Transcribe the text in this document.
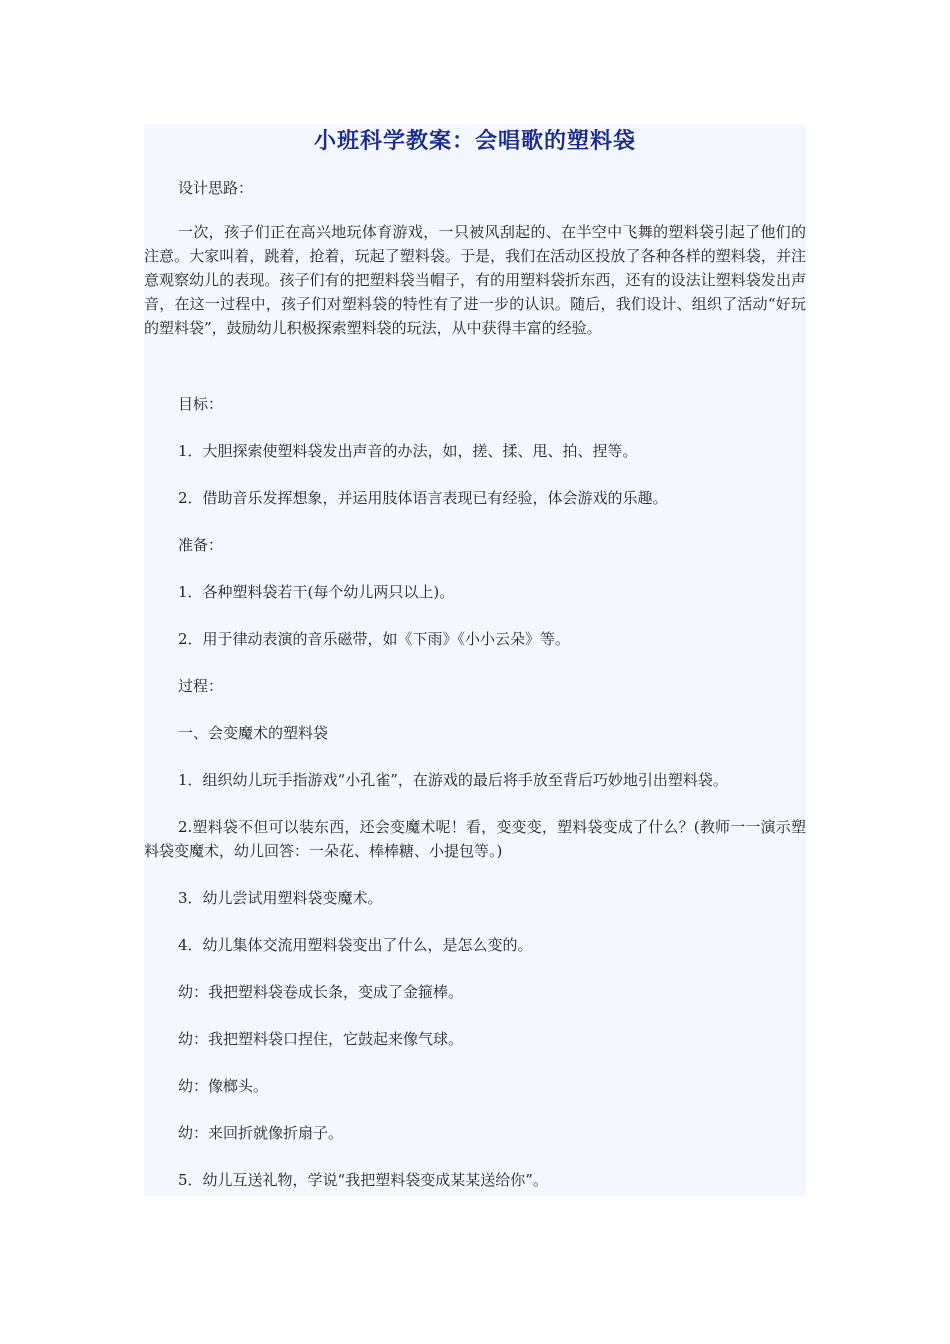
小班科学教案：会唱歌的塑料袋

设计思路：

一次，孩子们正在高兴地玩体育游戏，一只被风刮起的、在半空中飞舞的塑料袋引起了他们的注意。大家叫着，跳着，抢着，玩起了塑料袋。于是，我们在活动区投放了各种各样的塑料袋，并注意观察幼儿的表现。孩子们有的把塑料袋当帽子，有的用塑料袋折东西，还有的设法让塑料袋发出声音，在这一过程中，孩子们对塑料袋的特性有了进一步的认识。随后，我们设计、组织了活动“好玩的塑料袋”，鼓励幼儿积极探索塑料袋的玩法，从中获得丰富的经验。

目标：

1．大胆探索使塑料袋发出声音的办法，如，搓、揉、甩、拍、捏等。

2．借助音乐发挥想象，并运用肢体语言表现已有经验，体会游戏的乐趣。

准备：

1．各种塑料袋若干(每个幼儿两只以上)。

2．用于律动表演的音乐磁带，如《下雨》《小小云朵》等。

过程：

一、会变魔术的塑料袋

1．组织幼儿玩手指游戏“小孔雀”，在游戏的最后将手放至背后巧妙地引出塑料袋。

2.塑料袋不但可以装东西，还会变魔术呢！看，变变变，塑料袋变成了什么？(教师一一演示塑料袋变魔术，幼儿回答：一朵花、棒棒糖、小提包等。)

3．幼儿尝试用塑料袋变魔术。

4．幼儿集体交流用塑料袋变出了什么，是怎么变的。

幼：我把塑料袋卷成长条，变成了金箍棒。

幼：我把塑料袋口捏住，它鼓起来像气球。

幼：像榔头。

幼：来回折就像折扇子。

5．幼儿互送礼物，学说“我把塑料袋变成某某送给你”。
